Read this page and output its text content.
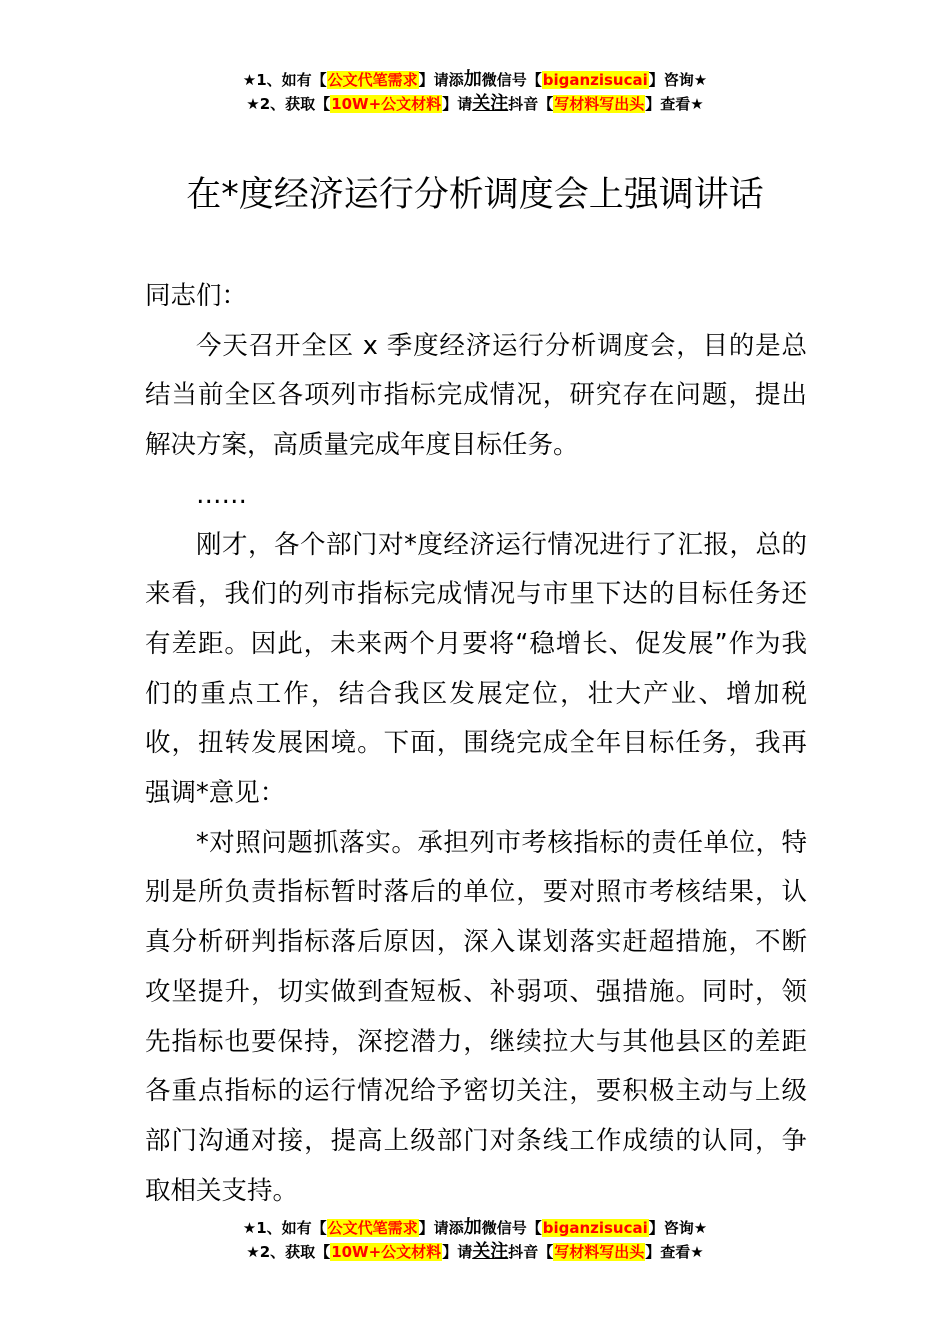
★1、如有【公文代笔需求】请添加微信号【biganzisucai】咨询★
★2、获取【10W+公文材料】请关注抖音【写材料写出头】查看★
在*度经济运行分析调度会上强调讲话

同志们：

今天召开全区 x 季度经济运行分析调度会，目的是总结当前全区各项列市指标完成情况，研究存在问题，提出解决方案，高质量完成年度目标任务。

……

刚才，各个部门对*度经济运行情况进行了汇报，总的来看，我们的列市指标完成情况与市里下达的目标任务还有差距。因此，未来两个月要将“稳增长、促发展”作为我们的重点工作，结合我区发展定位，壮大产业、增加税收，扭转发展困境。下面，围绕完成全年目标任务，我再强调*意见：

*对照问题抓落实。承担列市考核指标的责任单位，特别是所负责指标暂时落后的单位，要对照市考核结果，认真分析研判指标落后原因，深入谋划落实赶超措施，不断攻坚提升，切实做到查短板、补弱项、强措施。同时，领先指标也要保持，深挖潜力，继续拉大与其他县区的差距各重点指标的运行情况给予密切关注，要积极主动与上级部门沟通对接，提高上级部门对条线工作成绩的认同，争取相关支持。

★1、如有【公文代笔需求】请添加微信号【biganzisucai】咨询★
★2、获取【10W+公文材料】请关注抖音【写材料写出头】查看★
